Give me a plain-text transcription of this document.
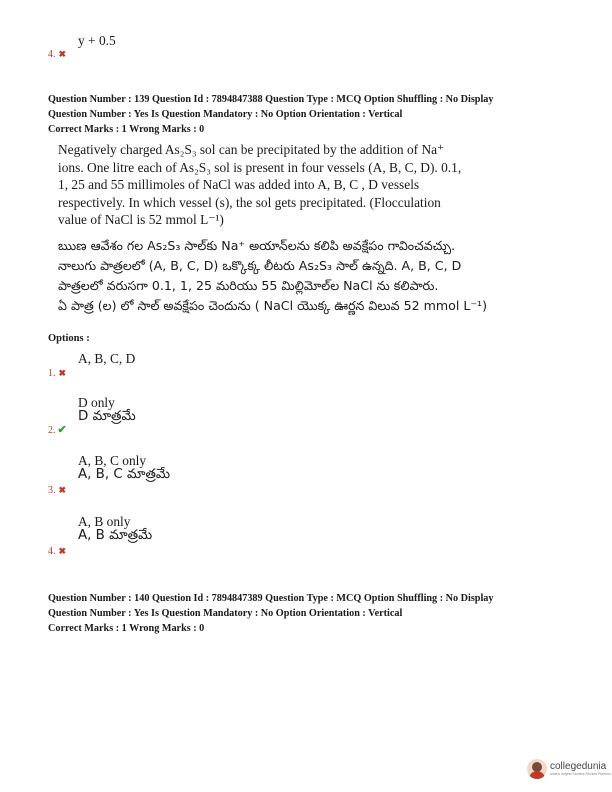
y + 0.5
4. ✖
Question Number : 139 Question Id : 7894847388 Question Type : MCQ Option Shuffling : No Display
Question Number : Yes Is Question Mandatory : No Option Orientation : Vertical
Correct Marks : 1 Wrong Marks : 0
Negatively charged As₂S₃ sol can be precipitated by the addition of Na⁺
ions. One litre each of As₂S₃ sol is present in four vessels (A, B, C, D). 0.1,
1, 25 and 55 millimoles of NaCl was added into A, B, C , D vessels
respectively. In which vessel (s), the sol gets precipitated. (Flocculation
value of NaCl is 52 mmol L⁻¹)
ఋణ ఆవేశం గల As₂S₃ సాల్‌కు Na⁺ అయాన్‌లను కలిపి అవక్షేపం గావించవచ్చు.
నాలుగు పాత్రలలో (A, B, C, D) ఒక్కొక్క లీటరు As₂S₃ సాల్ ఉన్నది. A, B, C, D
పాత్రలలో వరుసగా 0.1, 1, 25 మరియు 55 మిల్లిమోల్‌ల NaCl ను కలిపారు.
ఏ పాత్ర (ల) లో సాల్ అవక్షేపం చెందును ( NaCl యొక్క ఊర్ణన విలువ 52 mmol L⁻¹)
Options :
A, B, C, D
1. ✖
D only
D మాత్రమే
2. ✔
A, B, C only
A, B, C మాత్రమే
3. ✖
A, B only
A, B మాత్రమే
4. ✖
Question Number : 140 Question Id : 7894847389 Question Type : MCQ Option Shuffling : No Display
Question Number : Yes Is Question Mandatory : No Option Orientation : Vertical
Correct Marks : 1 Wrong Marks : 0
collegedunia
India's largest Student Review Platform
